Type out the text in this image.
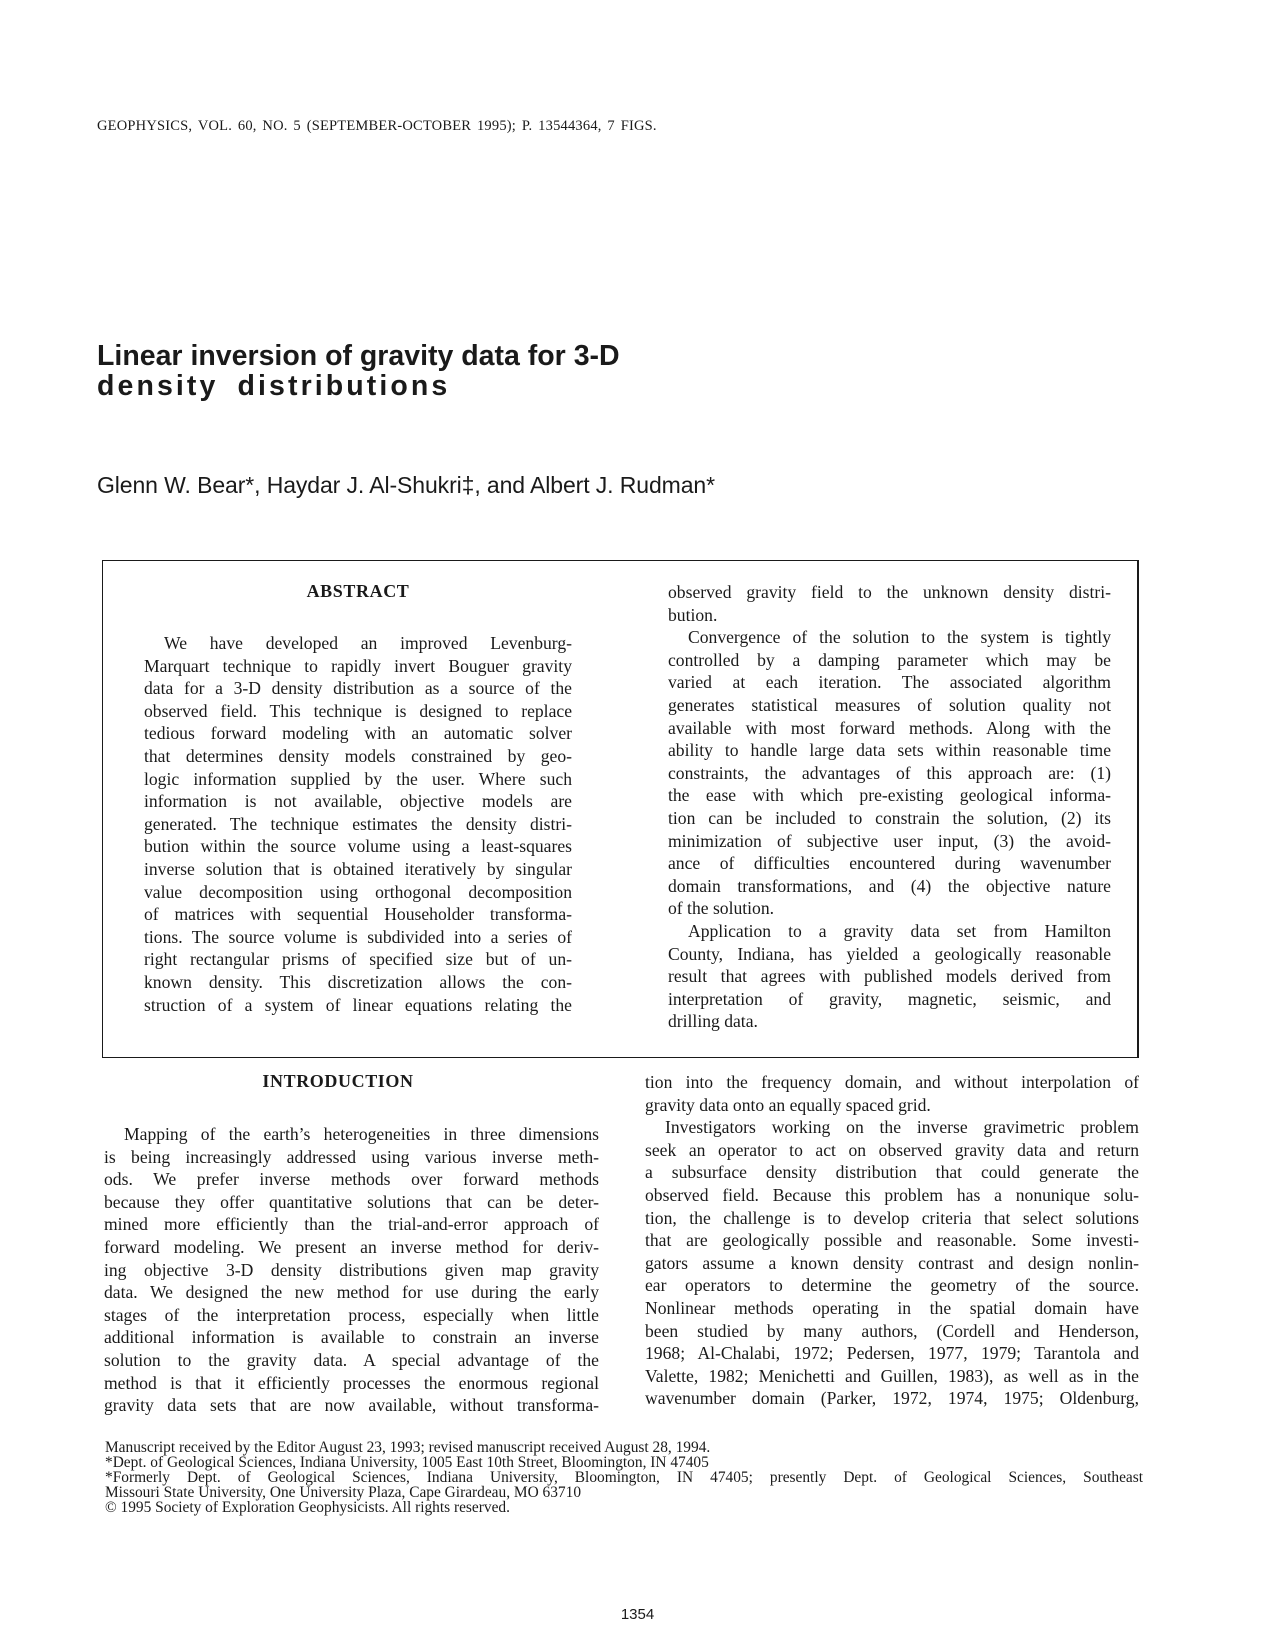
GEOPHYSICS, VOL. 60, NO. 5 (SEPTEMBER-OCTOBER 1995); P. 13544364, 7 FIGS.
Linear inversion of gravity data for 3-D
density distributions
Glenn W. Bear*, Haydar J. Al-Shukri‡, and Albert J. Rudman*
ABSTRACT
We have developed an improved Levenburg-
Marquart technique to rapidly invert Bouguer gravity
data for a 3-D density distribution as a source of the
observed field. This technique is designed to replace
tedious forward modeling with an automatic solver
that determines density models constrained by geo-
logic information supplied by the user. Where such
information is not available, objective models are
generated. The technique estimates the density distri-
bution within the source volume using a least-squares
inverse solution that is obtained iteratively by singular
value decomposition using orthogonal decomposition
of matrices with sequential Householder transforma-
tions. The source volume is subdivided into a series of
right rectangular prisms of specified size but of un-
known density. This discretization allows the con-
struction of a system of linear equations relating the
observed gravity field to the unknown density distri-
bution.
Convergence of the solution to the system is tightly
controlled by a damping parameter which may be
varied at each iteration. The associated algorithm
generates statistical measures of solution quality not
available with most forward methods. Along with the
ability to handle large data sets within reasonable time
constraints, the advantages of this approach are: (1)
the ease with which pre-existing geological informa-
tion can be included to constrain the solution, (2) its
minimization of subjective user input, (3) the avoid-
ance of difficulties encountered during wavenumber
domain transformations, and (4) the objective nature
of the solution.
Application to a gravity data set from Hamilton
County, Indiana, has yielded a geologically reasonable
result that agrees with published models derived from
interpretation of gravity, magnetic, seismic, and
drilling data.
INTRODUCTION
Mapping of the earth’s heterogeneities in three dimensions
is being increasingly addressed using various inverse meth-
ods. We prefer inverse methods over forward methods
because they offer quantitative solutions that can be deter-
mined more efficiently than the trial-and-error approach of
forward modeling. We present an inverse method for deriv-
ing objective 3-D density distributions given map gravity
data. We designed the new method for use during the early
stages of the interpretation process, especially when little
additional information is available to constrain an inverse
solution to the gravity data. A special advantage of the
method is that it efficiently processes the enormous regional
gravity data sets that are now available, without transforma-
tion into the frequency domain, and without interpolation of
gravity data onto an equally spaced grid.
Investigators working on the inverse gravimetric problem
seek an operator to act on observed gravity data and return
a subsurface density distribution that could generate the
observed field. Because this problem has a nonunique solu-
tion, the challenge is to develop criteria that select solutions
that are geologically possible and reasonable. Some investi-
gators assume a known density contrast and design nonlin-
ear operators to determine the geometry of the source.
Nonlinear methods operating in the spatial domain have
been studied by many authors, (Cordell and Henderson,
1968; Al-Chalabi, 1972; Pedersen, 1977, 1979; Tarantola and
Valette, 1982; Menichetti and Guillen, 1983), as well as in the
wavenumber domain (Parker, 1972, 1974, 1975; Oldenburg,
Manuscript received by the Editor August 23, 1993; revised manuscript received August 28, 1994.
*Dept. of Geological Sciences, Indiana University, 1005 East 10th Street, Bloomington, IN 47405
*Formerly Dept. of Geological Sciences, Indiana University, Bloomington, IN 47405; presently Dept. of Geological Sciences, Southeast
Missouri State University, One University Plaza, Cape Girardeau, MO 63710
© 1995 Society of Exploration Geophysicists. All rights reserved.
1354
